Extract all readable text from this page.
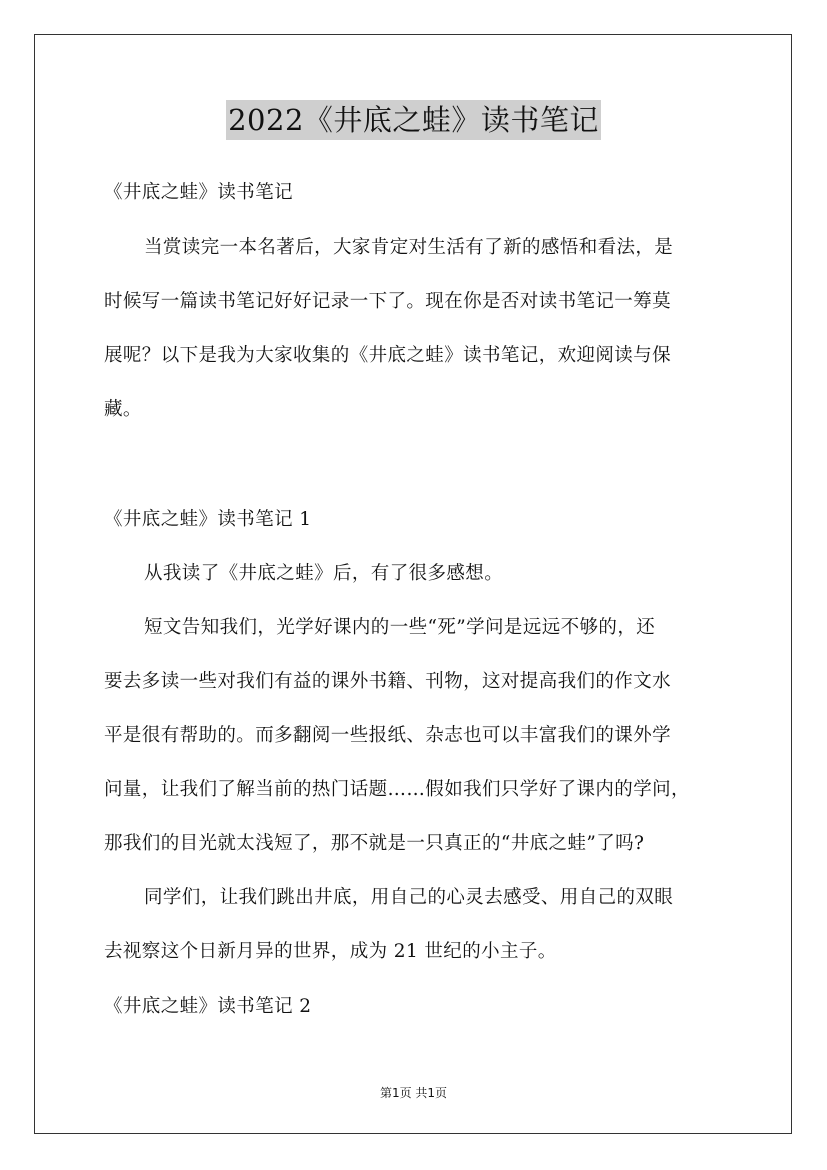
2022《井底之蛙》读书笔记
《井底之蛙》读书笔记
当赏读完一本名著后，大家肯定对生活有了新的感悟和看法，是
时候写一篇读书笔记好好记录一下了。现在你是否对读书笔记一筹莫
展呢？以下是我为大家收集的《井底之蛙》读书笔记，欢迎阅读与保
藏。
《井底之蛙》读书笔记 1
从我读了《井底之蛙》后，有了很多感想。
短文告知我们，光学好课内的一些“死”学问是远远不够的，还
要去多读一些对我们有益的课外书籍、刊物，这对提高我们的作文水
平是很有帮助的。而多翻阅一些报纸、杂志也可以丰富我们的课外学
问量，让我们了解当前的热门话题……假如我们只学好了课内的学问，
那我们的目光就太浅短了，那不就是一只真正的“井底之蛙”了吗?
同学们，让我们跳出井底，用自己的心灵去感受、用自己的双眼
去视察这个日新月异的世界，成为 21 世纪的小主子。
《井底之蛙》读书笔记 2
第1页 共1页
